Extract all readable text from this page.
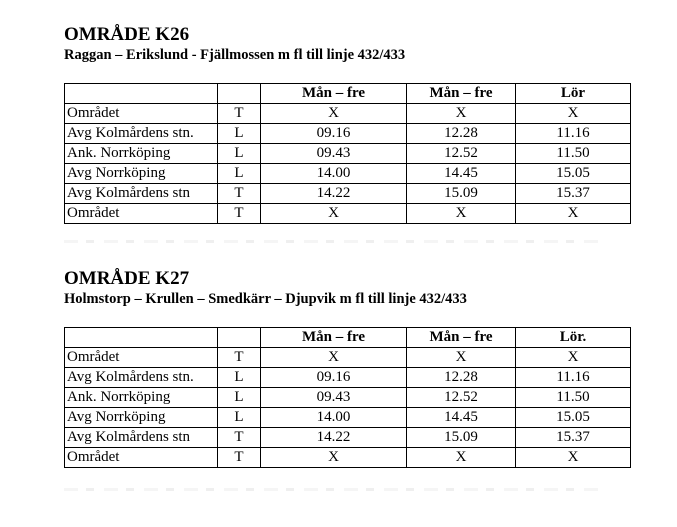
OMRÅDE K26

Raggan – Erikslund - Fjällmossen m fl till linje 432/433

		Mån – fre	Mån – fre	Lör
Området	T	X	X	X
Avg Kolmårdens stn.	L	09.16	12.28	11.16
Ank. Norrköping	L	09.43	12.52	11.50
Avg Norrköping	L	14.00	14.45	15.05
Avg Kolmårdens stn	T	14.22	15.09	15.37
Området	T	X	X	X
OMRÅDE K27

Holmstorp – Krullen – Smedkärr – Djupvik m fl till linje 432/433

		Mån – fre	Mån – fre	Lör.
Området	T	X	X	X
Avg Kolmårdens stn.	L	09.16	12.28	11.16
Ank. Norrköping	L	09.43	12.52	11.50
Avg Norrköping	L	14.00	14.45	15.05
Avg Kolmårdens stn	T	14.22	15.09	15.37
Området	T	X	X	X
